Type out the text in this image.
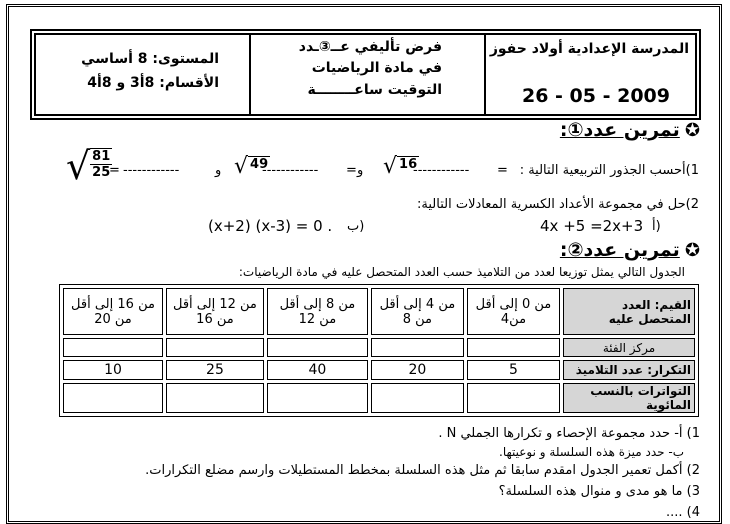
المدرسة الإعدادية أولاد حفوز
26 - 05 - 2009
فرض تأليفي عــ③ـدد
في مادة الرياضيات
التوقيت ساعــــــــة
المستوى: 8 أساسي
الأقسام: 8أ3 و 8أ4
✪ تمرين عدد①:
1)أحسب الجذور التربيعية التالية :
------------ =
√ 16
و
------------ =
√ 49
و
------------
=
√ $\frac{81}{25}$
2)حل في مجموعة الأعداد الكسرية المعادلات التالية:
أ)
4x +5 =2x+3
ب)
(x+2) (x-3) = 0 .
✪ تمرين عدد②:
الجدول التالي يمثل توزيعا لعدد من التلاميذ حسب العدد المتحصل عليه في مادة الرياضيات:
القيم: العدد المتحصل عليه	من 0 إلى أقل من4	من 4 إلى أقل من 8	من 8 إلى أقل من 12	من 12 إلى أقل من 16	من 16 إلى أقل من 20
مركز الفئة					
التكرار: عدد التلاميذ	5	20	40	25	10
التواترات بالنسب المائوية					
1) أ- حدد مجموعة الإحصاء و تكرارها الجملي N .
ب- حدد ميزة هذه السلسلة و نوعيتها.
2) أكمل تعمير الجدول امقدم سابقا ثم مثل هذه السلسلة بمخطط المستطيلات وارسم مضلع التكرارات.
3) ما هو مدى و منوال هذه السلسلة؟
4) ....
